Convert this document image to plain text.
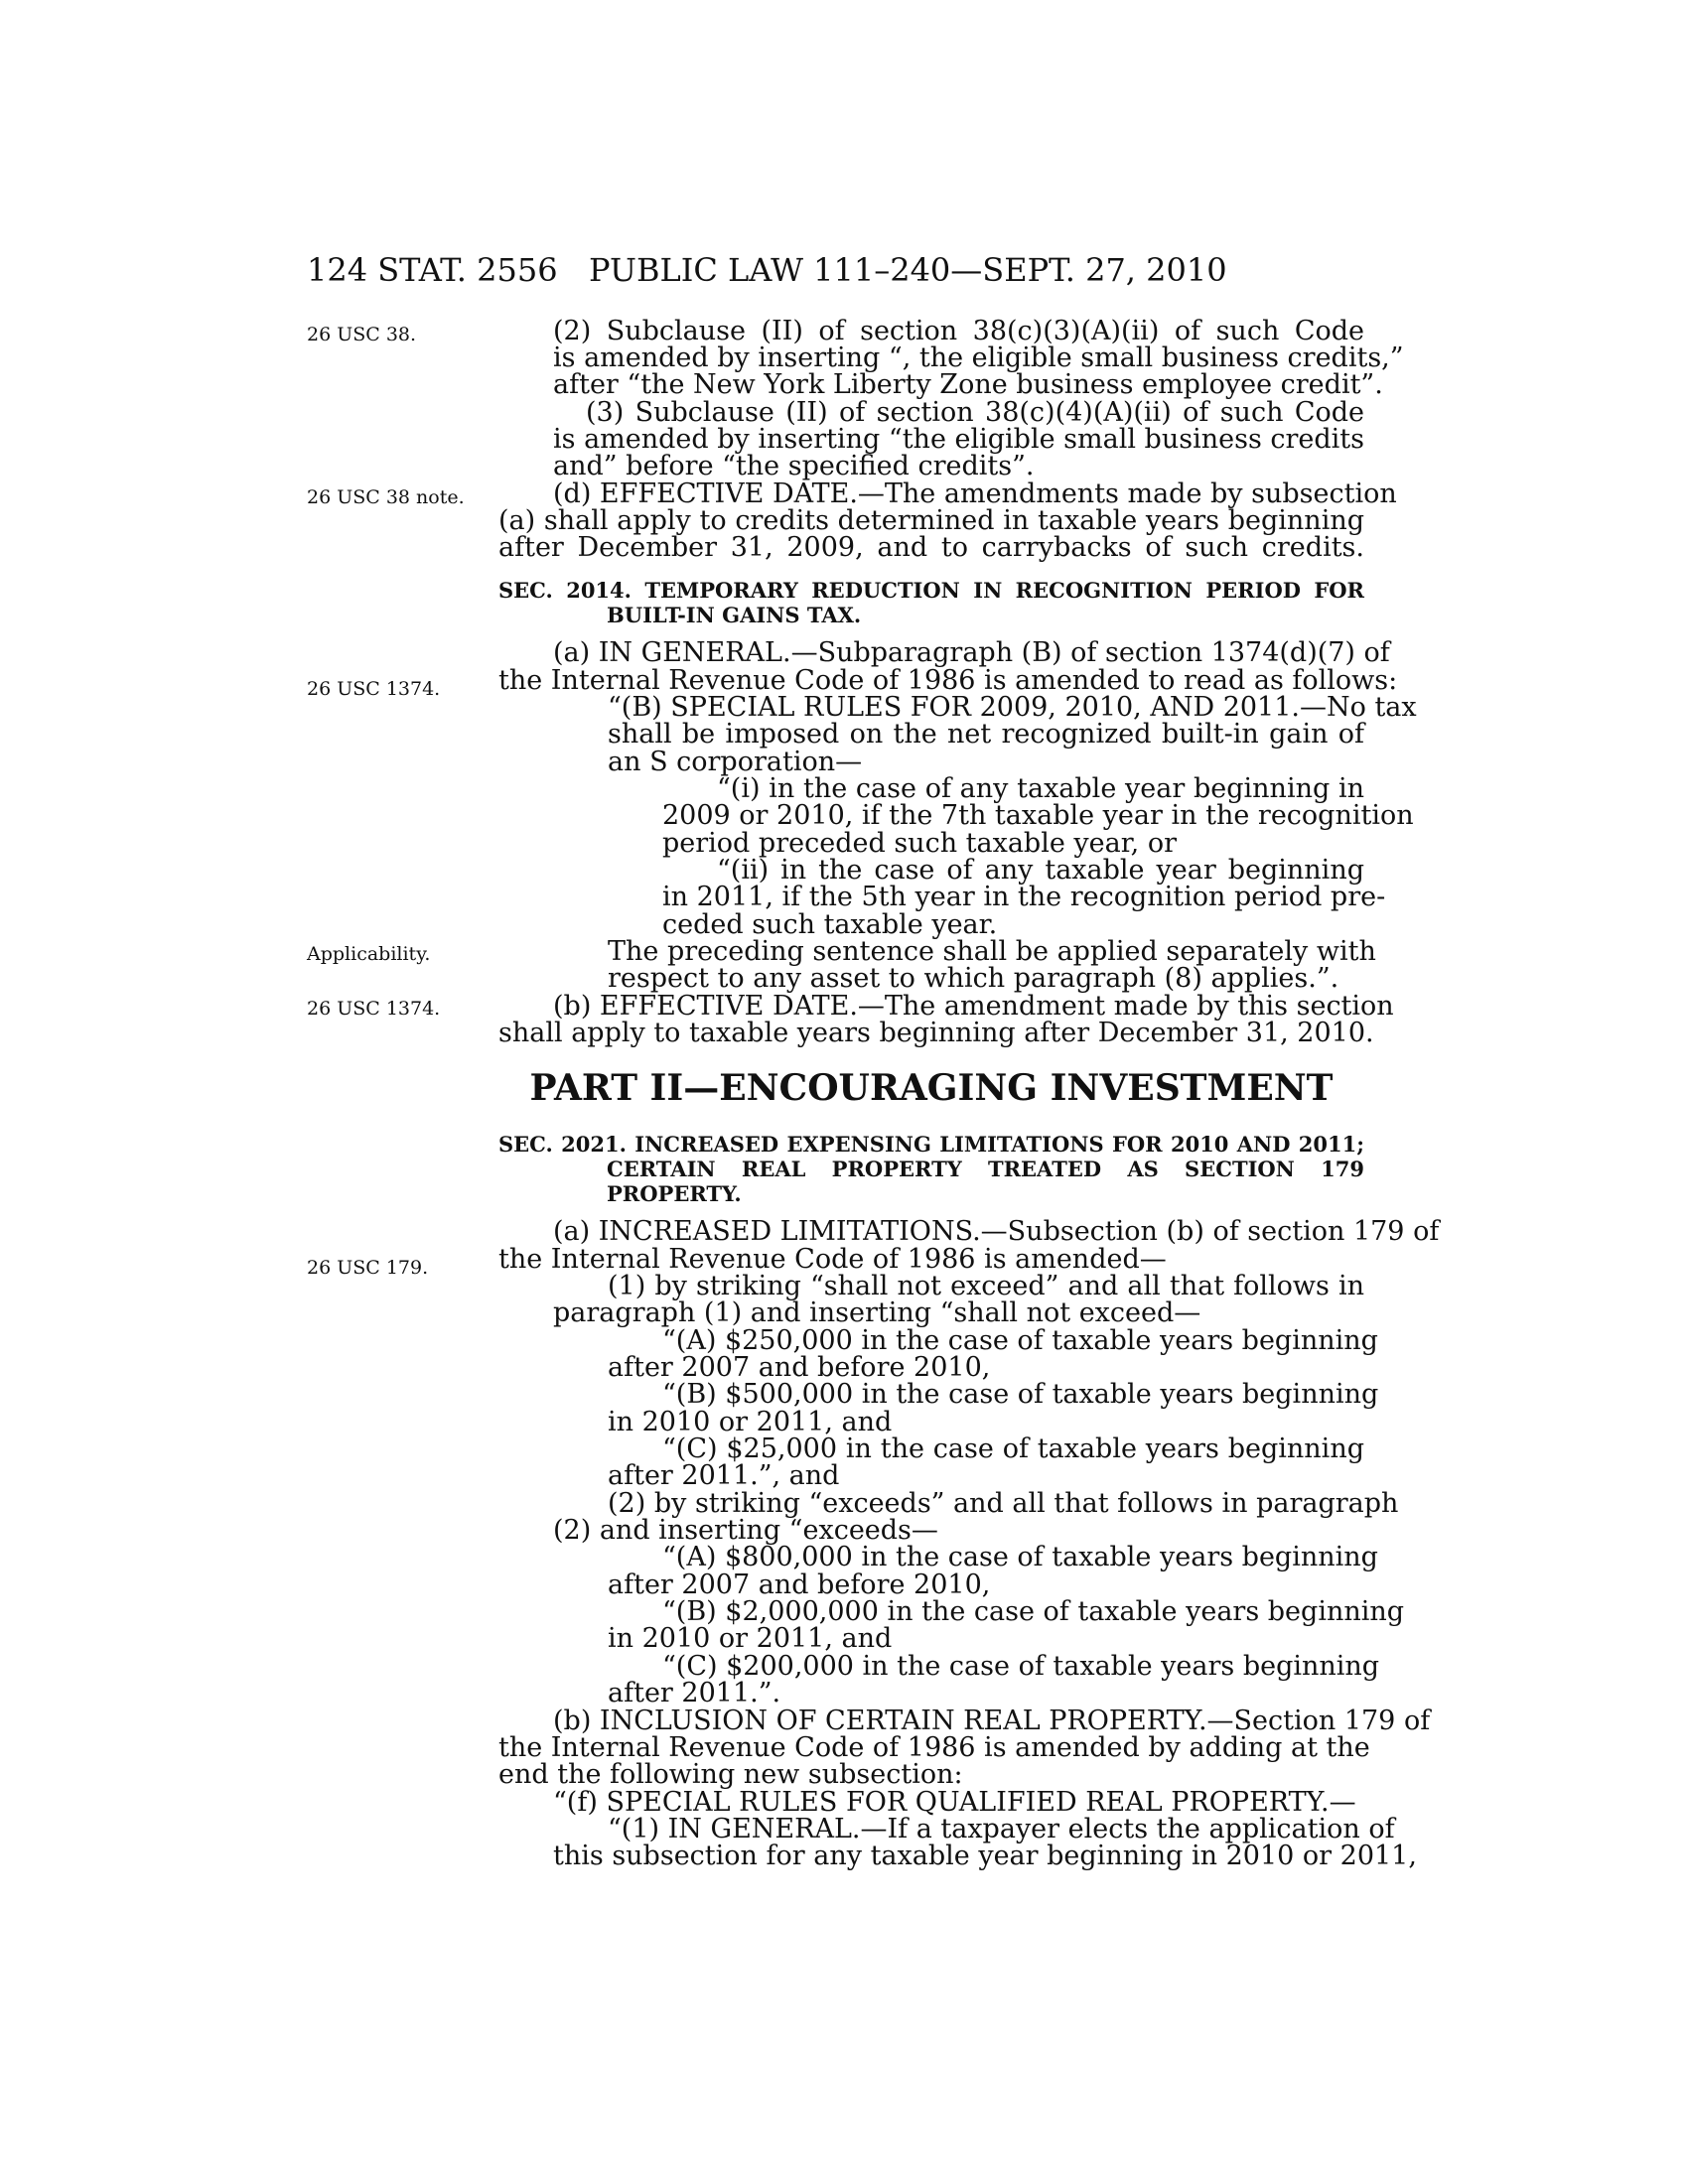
124 STAT. 2556 PUBLIC LAW 111–240—SEPT. 27, 2010
26 USC 38.
26 USC 38 note.
26 USC 1374.
Applicability.
26 USC 1374.
26 USC 179.
SEC. 2014. TEMPORARY REDUCTION IN RECOGNITION PERIOD FOR
BUILT-IN GAINS TAX.
PART II—ENCOURAGING INVESTMENT
SEC. 2021. INCREASED EXPENSING LIMITATIONS FOR 2010 AND 2011;
CERTAIN REAL PROPERTY TREATED AS SECTION 179
PROPERTY.
(2) Subclause (II) of section 38(c)(3)(A)(ii) of such Code
is amended by inserting “, the eligible small business credits,”
after “the New York Liberty Zone business employee credit”.
(3) Subclause (II) of section 38(c)(4)(A)(ii) of such Code
is amended by inserting “the eligible small business credits
and” before “the specified credits”.
(d) EFFECTIVE DATE.—The amendments made by subsection
(a) shall apply to credits determined in taxable years beginning
after December 31, 2009, and to carrybacks of such credits.
(a) IN GENERAL.—Subparagraph (B) of section 1374(d)(7) of
the Internal Revenue Code of 1986 is amended to read as follows:
“(B) SPECIAL RULES FOR 2009, 2010, AND 2011.—No tax
shall be imposed on the net recognized built-in gain of
an S corporation—
“(i) in the case of any taxable year beginning in
2009 or 2010, if the 7th taxable year in the recognition
period preceded such taxable year, or
“(ii) in the case of any taxable year beginning
in 2011, if the 5th year in the recognition period pre-
ceded such taxable year.
The preceding sentence shall be applied separately with
respect to any asset to which paragraph (8) applies.”.
(b) EFFECTIVE DATE.—The amendment made by this section
shall apply to taxable years beginning after December 31, 2010.
(a) INCREASED LIMITATIONS.—Subsection (b) of section 179 of
the Internal Revenue Code of 1986 is amended—
(1) by striking “shall not exceed” and all that follows in
paragraph (1) and inserting “shall not exceed—
“(A) $250,000 in the case of taxable years beginning
after 2007 and before 2010,
“(B) $500,000 in the case of taxable years beginning
in 2010 or 2011, and
“(C) $25,000 in the case of taxable years beginning
after 2011.”, and
(2) by striking “exceeds” and all that follows in paragraph
(2) and inserting “exceeds—
“(A) $800,000 in the case of taxable years beginning
after 2007 and before 2010,
“(B) $2,000,000 in the case of taxable years beginning
in 2010 or 2011, and
“(C) $200,000 in the case of taxable years beginning
after 2011.”.
(b) INCLUSION OF CERTAIN REAL PROPERTY.—Section 179 of
the Internal Revenue Code of 1986 is amended by adding at the
end the following new subsection:
“(f) SPECIAL RULES FOR QUALIFIED REAL PROPERTY.—
“(1) IN GENERAL.—If a taxpayer elects the application of
this subsection for any taxable year beginning in 2010 or 2011,
